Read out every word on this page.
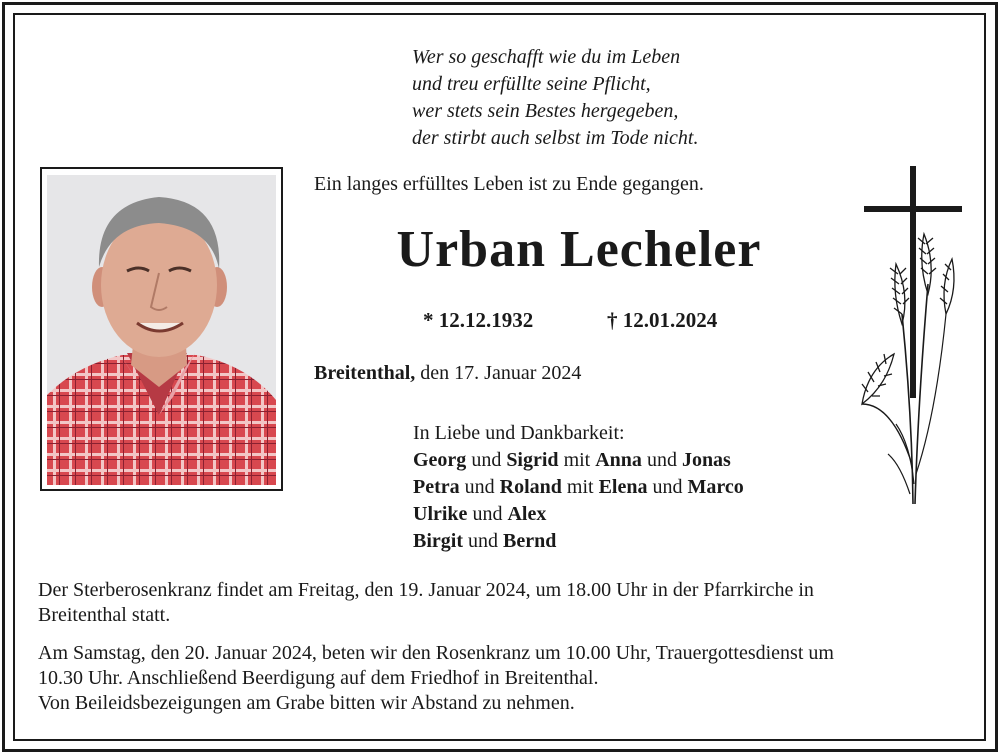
Wer so geschafft wie du im Leben
und treu erfüllte seine Pflicht,
wer stets sein Bestes hergegeben,
der stirbt auch selbst im Tode nicht.
Ein langes erfülltes Leben ist zu Ende gegangen.
Urban Lecheler
* 12.12.1932	† 12.01.2024
Breitenthal, den 17. Januar 2024
In Liebe und Dankbarkeit:
Georg und Sigrid mit Anna und Jonas
Petra und Roland mit Elena und Marco
Ulrike und Alex
Birgit und Bernd
Der Sterberosenkranz findet am Freitag, den 19. Januar 2024, um 18.00 Uhr in der Pfarrkirche in
Breitenthal statt.
Am Samstag, den 20. Januar 2024, beten wir den Rosenkranz um 10.00 Uhr, Trauergottesdienst um
10.30 Uhr. Anschließend Beerdigung auf dem Friedhof in Breitenthal.
Von Beileidsbezeigungen am Grabe bitten wir Abstand zu nehmen.
